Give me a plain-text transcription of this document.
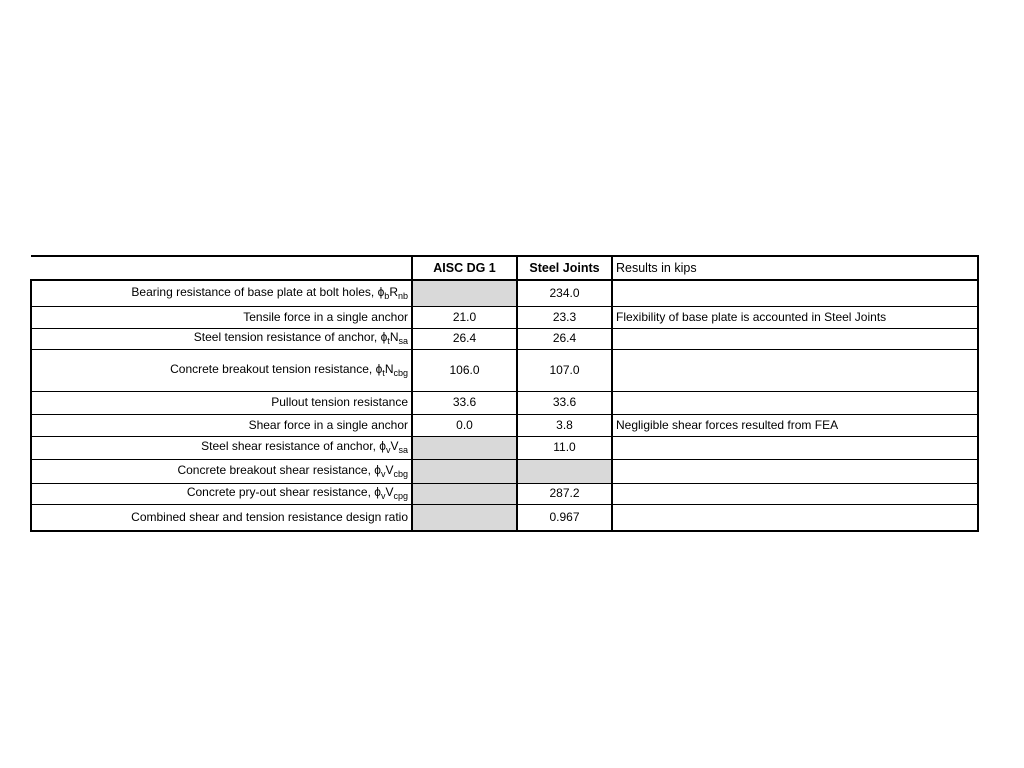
	AISC DG 1	Steel Joints	Results in kips
Bearing resistance of base plate at bolt holes, $\phi_bR_{nb}$		234.0	
Tensile force in a single anchor	21.0	23.3	Flexibility of base plate is accounted in Steel Joints
Steel tension resistance of anchor, $\phi_tN_{sa}$	26.4	26.4	
Concrete breakout tension resistance, $\phi_tN_{cbg}$	106.0	107.0	
Pullout tension resistance	33.6	33.6	
Shear force in a single anchor	0.0	3.8	Negligible shear forces resulted from FEA
Steel shear resistance of anchor, $\phi_vV_{sa}$		11.0	
Concrete breakout shear resistance, $\phi_vV_{cbg}$			
Concrete pry-out shear resistance, $\phi_vV_{cpg}$		287.2	
Combined shear and tension resistance design ratio		0.967	
